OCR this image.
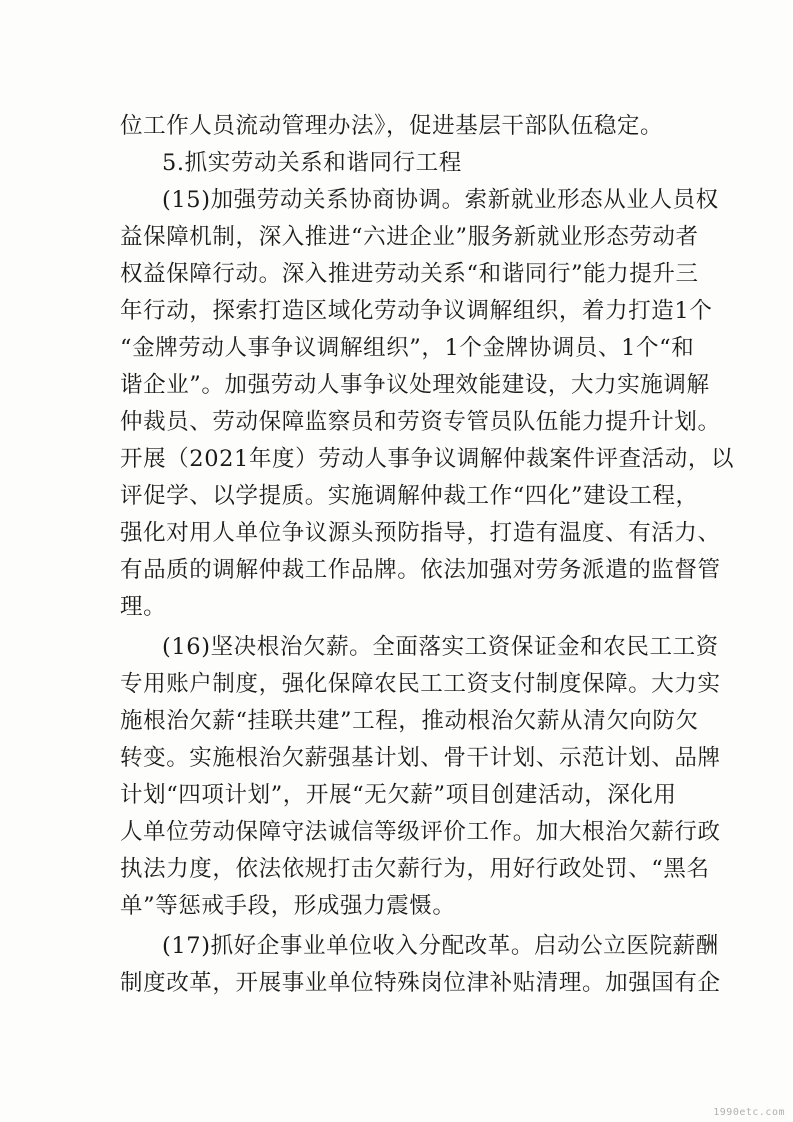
位工作人员流动管理办法》，促进基层干部队伍稳定。
5.抓实劳动关系和谐同行工程
(15)加强劳动关系协商协调。索新就业形态从业人员权
益保障机制，深入推进“六进企业”服务新就业形态劳动者
权益保障行动。深入推进劳动关系“和谐同行”能力提升三
年行动，探索打造区域化劳动争议调解组织，着力打造1个
“金牌劳动人事争议调解组织”，1个金牌协调员、1个“和
谐企业”。加强劳动人事争议处理效能建设，大力实施调解
仲裁员、劳动保障监察员和劳资专管员队伍能力提升计划。
开展（2021年度）劳动人事争议调解仲裁案件评查活动，以
评促学、以学提质。实施调解仲裁工作“四化”建设工程，
强化对用人单位争议源头预防指导，打造有温度、有活力、
有品质的调解仲裁工作品牌。依法加强对劳务派遣的监督管
理。
(16)坚决根治欠薪。全面落实工资保证金和农民工工资
专用账户制度，强化保障农民工工资支付制度保障。大力实
施根治欠薪“挂联共建”工程，推动根治欠薪从清欠向防欠
转变。实施根治欠薪强基计划、骨干计划、示范计划、品牌
计划“四项计划”，开展“无欠薪”项目创建活动，深化用
人单位劳动保障守法诚信等级评价工作。加大根治欠薪行政
执法力度，依法依规打击欠薪行为，用好行政处罚、“黑名
单”等惩戒手段，形成强力震慑。
(17)抓好企事业单位收入分配改革。启动公立医院薪酬
制度改革，开展事业单位特殊岗位津补贴清理。加强国有企
1990etc.com
